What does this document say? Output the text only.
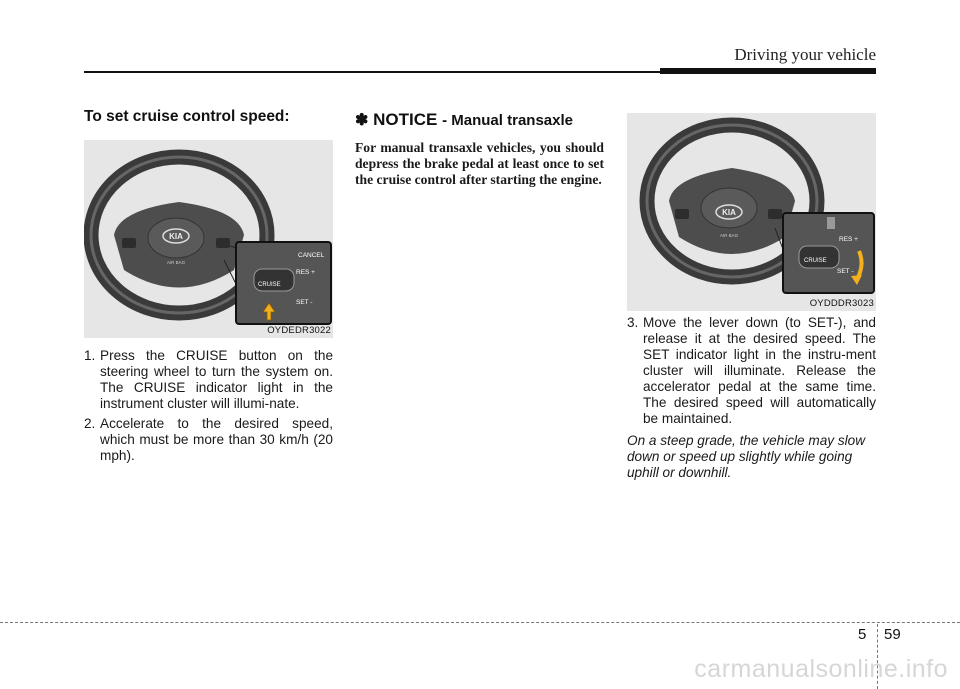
Driving your vehicle
To set cruise control speed:
KIA
AIR BAG
CANCEL
RES +
CRUISE
SET -
OYDEDR3022
1. Press the CRUISE button on the steering wheel to turn the system on. The CRUISE indicator light in the instrument cluster will illumi-nate.
2. Accelerate to the desired speed, which must be more than 30 km/h (20 mph).
✽ NOTICE - Manual transaxle

For manual transaxle vehicles, you should depress the brake pedal at least once to set the cruise control after starting the engine.

KIA
AIR BAG
RES +
CRUISE
SET -
OYDDDR3023
3. Move the lever down (to SET-), and release it at the desired speed. The SET indicator light in the instru-ment cluster will illuminate. Release the accelerator pedal at the same time. The desired speed will automatically be maintained.

On a steep grade, the vehicle may slow down or speed up slightly while going uphill or downhill.

5 59
carmanualsonline.info
